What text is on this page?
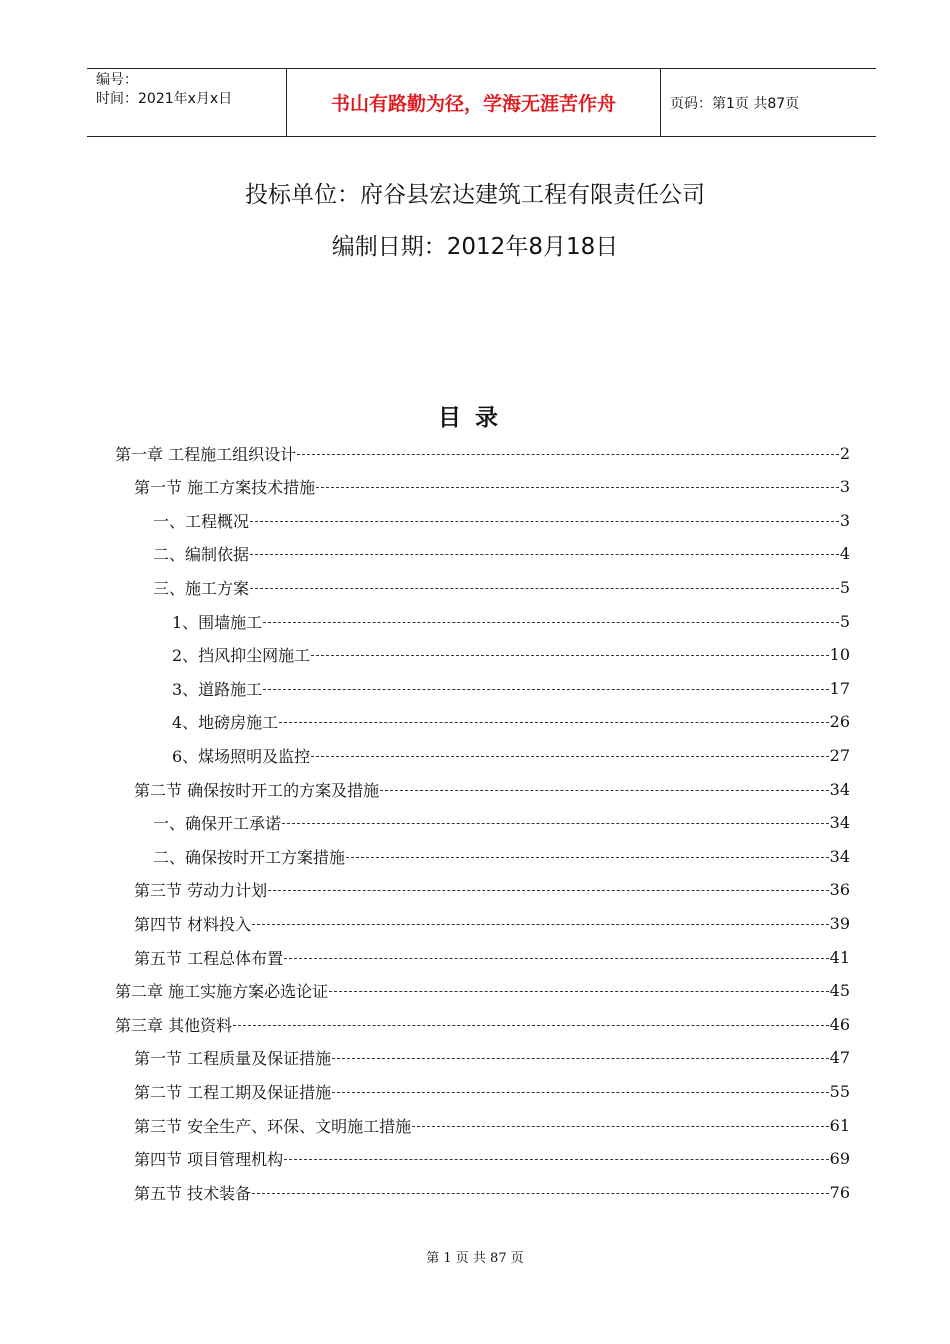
编号：
时间：2021年x月x日	书山有路勤为径，学海无涯苦作舟	页码：第1页 共87页
投标单位：府谷县宏达建筑工程有限责任公司
编制日期：2012年8月18日
目录
第一章 工程施工组织设计	2
第一节 施工方案技术措施	3
一、工程概况	3
二、编制依据	4
三、施工方案	5
1、围墙施工	5
2、挡风抑尘网施工	10
3、道路施工	17
4、地磅房施工	26
6、煤场照明及监控	27
第二节 确保按时开工的方案及措施	34
一、确保开工承诺	34
二、确保按时开工方案措施	34
第三节 劳动力计划	36
第四节 材料投入	39
第五节 工程总体布置	41
第二章 施工实施方案必选论证	45
第三章 其他资料	46
第一节 工程质量及保证措施	47
第二节 工程工期及保证措施	55
第三节 安全生产、环保、文明施工措施	61
第四节 项目管理机构	69
第五节 技术装备	76
第 1 页 共 87 页
